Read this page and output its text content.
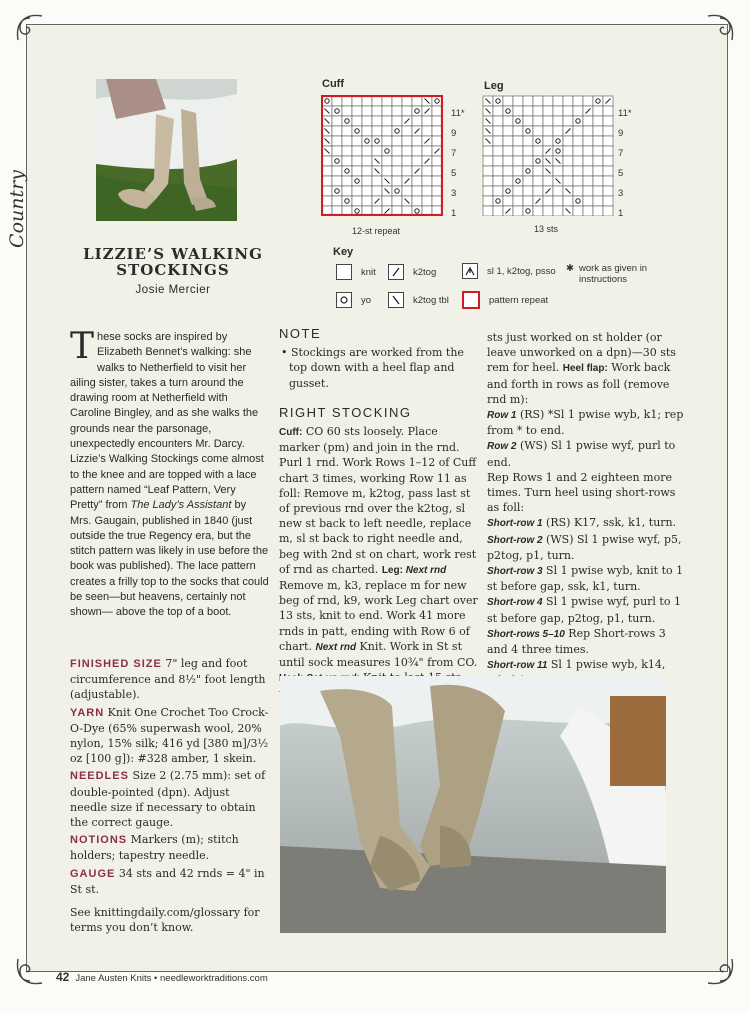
Country
LIZZIE’S WALKING STOCKINGS
Josie Mercier
Cuff
11*
9
7
5
3
1
12-st repeat
Leg
11*
9
7
5
3
1
13 sts
Key
knit	k2tog	sl 1, k2tog, psso ✱ work as given in instructions
yo	k2tog tbl	pattern repeat
These socks are inspired by Elizabeth Bennet’s walking: she walks to Netherfield to visit her ailing sister, takes a turn around the drawing room at Netherfield with Caroline Bingley, and as she walks the grounds near the parsonage, unexpectedly encounters Mr. Darcy. Lizzie’s Walking Stockings come almost to the knee and are topped with a lace pattern named “Leaf Pattern, Very Pretty” from The Lady’s Assistant by Mrs. Gaugain, published in 1840 (just outside the true Regency era, but the stitch pattern was likely in use before the book was published). The lace pattern creates a frilly top to the socks that could be seen—but heavens, certainly not shown— above the top of a boot.

FINISHED SIZE 7" leg and foot circumference and 8½" foot length (adjustable).

YARN Knit One Crochet Too Crock-O-Dye (65% superwash wool, 20% nylon, 15% silk; 416 yd [380 m]/3½ oz [100 g]): #328 amber, 1 skein.

NEEDLES Size 2 (2.75 mm): set of double-pointed (dpn). Adjust needle size if necessary to obtain the correct gauge.

NOTIONS Markers (m); stitch holders; tapestry needle.

GAUGE 34 sts and 42 rnds = 4" in St st.

See knittingdaily.com/glossary for terms you don’t know.
NOTE

• Stockings are worked from the top down with a heel flap and gusset.

RIGHT STOCKING

Cuff: CO 60 sts loosely. Place marker (pm) and join in the rnd. Purl 1 rnd. Work Rows 1–12 of Cuff chart 3 times, working Row 11 as foll: Remove m, k2tog, pass last st of previous rnd over the k2tog, sl new st back to left needle, replace m, sl st back to right needle and, beg with 2nd st on chart, work rest of rnd as charted. Leg: Next rnd Remove m, k3, replace m for new beg of rnd, k9, work Leg chart over 13 sts, knit to end. Work 41 more rnds in patt, ending with Row 6 of chart. Next rnd Knit. Work in St st until sock measures 10¾" from CO.

sts just worked on st holder (or leave unworked on a dpn)—30 sts rem for heel. Heel flap: Work back and forth in rows as foll (remove rnd m):

Row 1 (RS) *Sl 1 pwise wyb, k1; rep from * to end.

Row 2 (WS) Sl 1 pwise wyf, purl to end.

Rep Rows 1 and 2 eighteen more times. Turn heel using short-rows as foll:

Short-row 1 (RS) K17, ssk, k1, turn.

Short-row 2 (WS) Sl 1 pwise wyf, p5, p2tog, p1, turn.

Short-row 3 Sl 1 pwise wyb, knit to 1 st before gap, ssk, k1, turn.

Short-row 4 Sl 1 pwise wyf, purl to 1 st before gap, p2tog, p1, turn.

Short-rows 5–10 Rep Short-rows 3 and 4 three times.

Short-row 11 Sl 1 pwise wyb, k14,

42 Jane Austen Knits • needleworktraditions.com
